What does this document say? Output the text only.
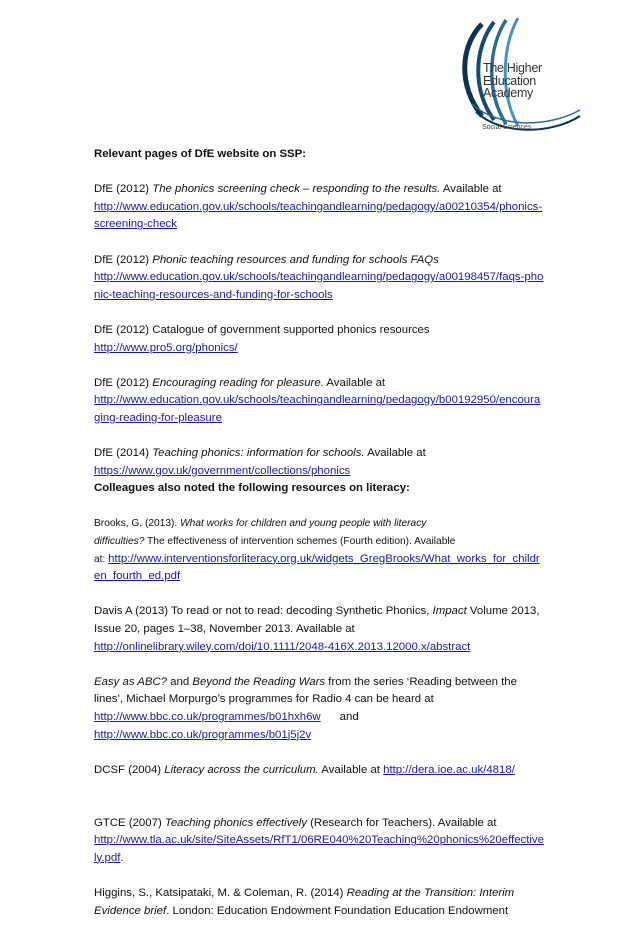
The Higher
Education
Academy
Social Sciences
Relevant pages of DfE website on SSP:
DfE (2012) The phonics screening check – responding to the results. Available at
http://www.education.gov.uk/schools/teachingandlearning/pedagogy/a00210354/phonics-screening-check
DfE (2012) Phonic teaching resources and funding for schools FAQs
http://www.education.gov.uk/schools/teachingandlearning/pedagogy/a00198457/faqs-phonic-teaching-resources-and-funding-for-schools
DfE (2012) Catalogue of government supported phonics resources
http://www.pro5.org/phonics/
DfE (2012) Encouraging reading for pleasure. Available at
http://www.education.gov.uk/schools/teachingandlearning/pedagogy/b00192950/encouraging-reading-for-pleasure
DfE (2014) Teaching phonics: information for schools. Available at
https://www.gov.uk/government/collections/phonics
Colleagues also noted the following resources on literacy:
Brooks, G. (2013). What works for children and young people with literacy
difficulties? The effectiveness of intervention schemes (Fourth edition). Available
at: http://www.interventionsforliteracy.org.uk/widgets_GregBrooks/What_works_for_children_fourth_ed.pdf
Davis A (2013) To read or not to read: decoding Synthetic Phonics, Impact Volume 2013, Issue 20, pages 1–38, November 2013. Available at
http://onlinelibrary.wiley.com/doi/10.1111/2048-416X.2013.12000.x/abstract
Easy as ABC? and Beyond the Reading Wars from the series ‘Reading between the lines’, Michael Morpurgo’s programmes for Radio 4 can be heard at
http://www.bbc.co.uk/programmes/b01hxh6w and
http://www.bbc.co.uk/programmes/b01j5j2v
DCSF (2004) Literacy across the curriculum. Available at http://dera.ioe.ac.uk/4818/
GTCE (2007) Teaching phonics effectively (Research for Teachers). Available at
http://www.tla.ac.uk/site/SiteAssets/RfT1/06RE040%20Teaching%20phonics%20effectively.pdf.
Higgins, S., Katsipataki, M. & Coleman, R. (2014) Reading at the Transition: Interim Evidence brief. London: Education Endowment Foundation Education Endowment
